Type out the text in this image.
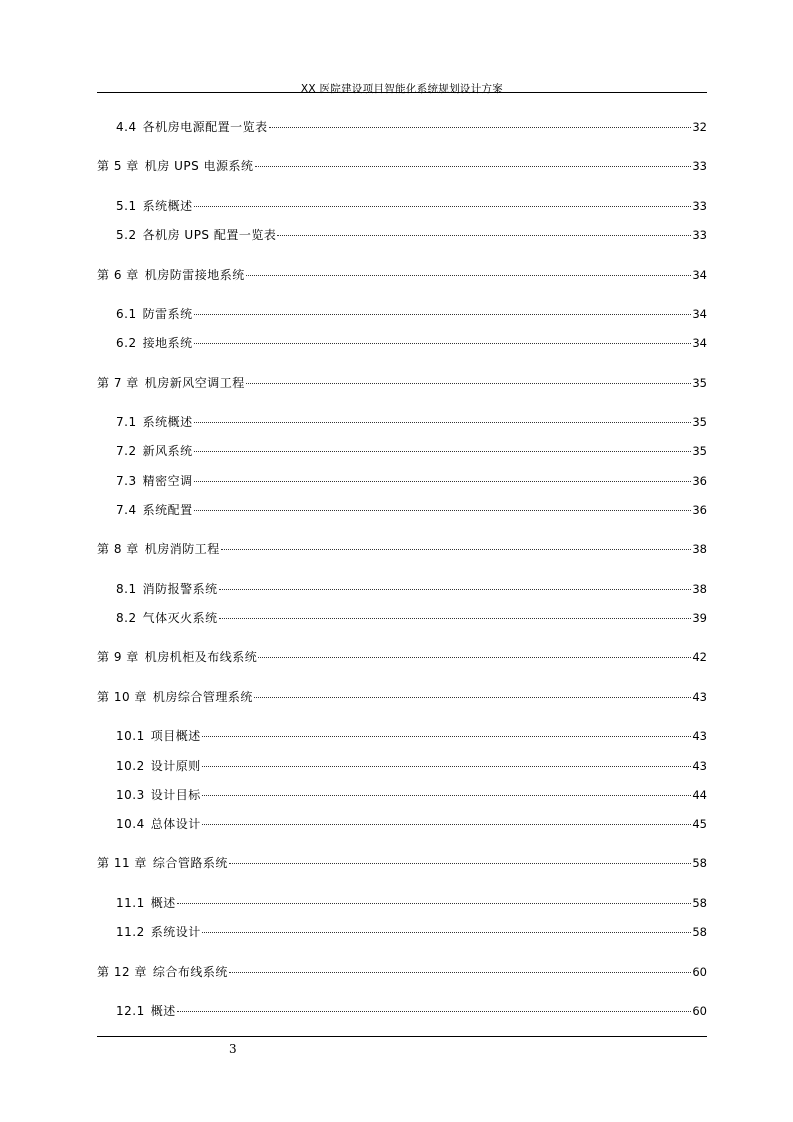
XX 医院建设项目智能化系统规划设计方案
4.4 各机房电源配置一览表	32
第 5 章 机房 UPS 电源系统	33
5.1 系统概述	33
5.2 各机房 UPS 配置一览表	33
第 6 章 机房防雷接地系统	34
6.1 防雷系统	34
6.2 接地系统	34
第 7 章 机房新风空调工程	35
7.1 系统概述	35
7.2 新风系统	35
7.3 精密空调	36
7.4 系统配置	36
第 8 章 机房消防工程	38
8.1 消防报警系统	38
8.2 气体灭火系统	39
第 9 章 机房机柜及布线系统	42
第 10 章 机房综合管理系统	43
10.1 项目概述	43
10.2 设计原则	43
10.3 设计目标	44
10.4 总体设计	45
第 11 章 综合管路系统	58
11.1 概述	58
11.2 系统设计	58
第 12 章 综合布线系统	60
12.1 概述	60
3
